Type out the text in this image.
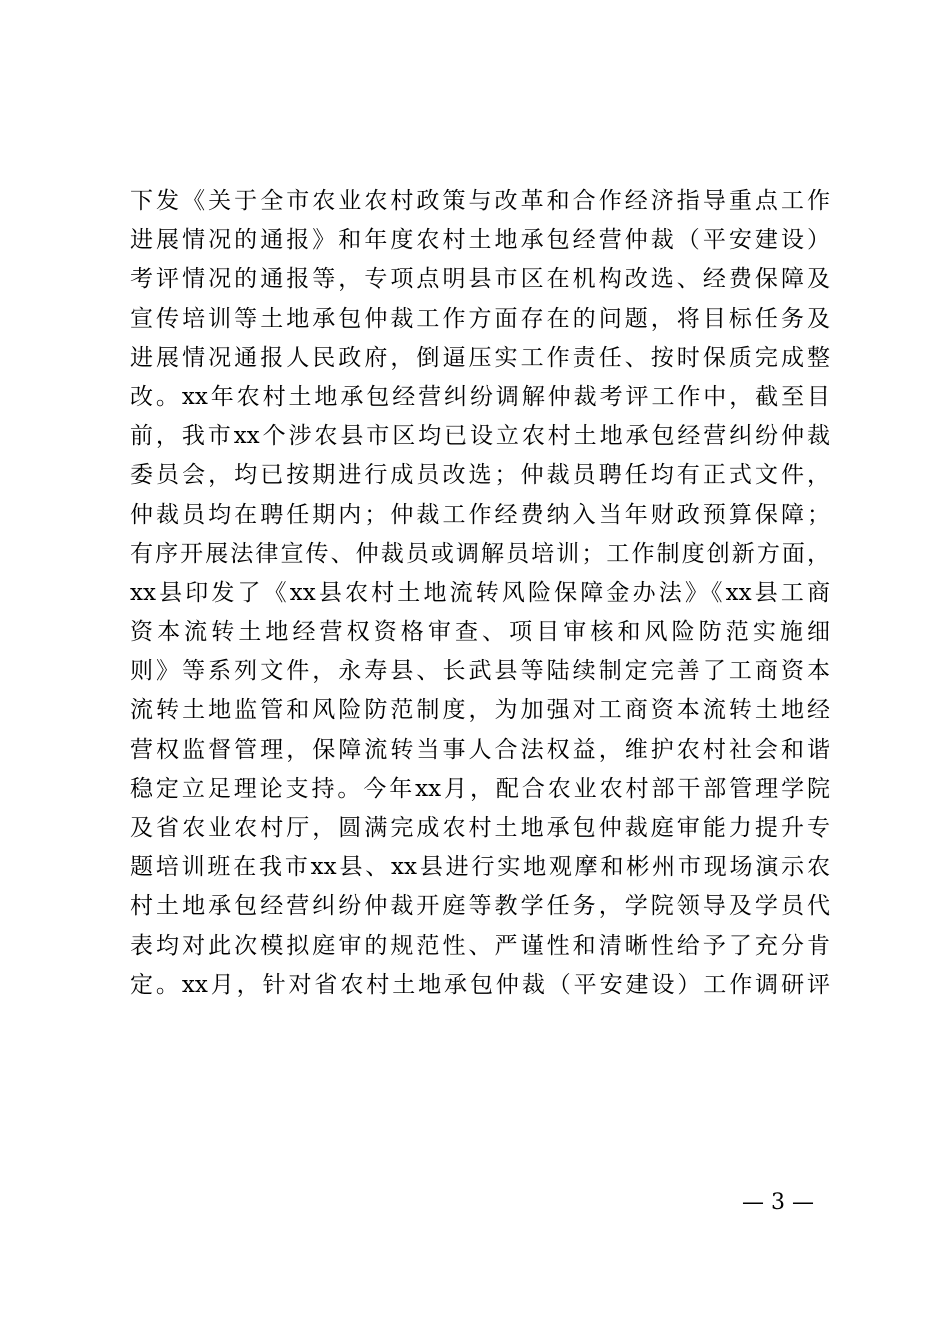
下发《关于全市农业农村政策与改革和合作经济指导重点工作
进展情况的通报》和年度农村土地承包经营仲裁（平安建设）
考评情况的通报等，专项点明县市区在机构改选、经费保障及
宣传培训等土地承包仲裁工作方面存在的问题，将目标任务及
进展情况通报人民政府，倒逼压实工作责任、按时保质完成整
改。xx年农村土地承包经营纠纷调解仲裁考评工作中，截至目
前，我市xx个涉农县市区均已设立农村土地承包经营纠纷仲裁
委员会，均已按期进行成员改选；仲裁员聘任均有正式文件，
仲裁员均在聘任期内；仲裁工作经费纳入当年财政预算保障；
有序开展法律宣传、仲裁员或调解员培训；工作制度创新方面，
xx县印发了《xx县农村土地流转风险保障金办法》《xx县工商
资本流转土地经营权资格审查、项目审核和风险防范实施细
则》等系列文件，永寿县、长武县等陆续制定完善了工商资本
流转土地监管和风险防范制度，为加强对工商资本流转土地经
营权监督管理，保障流转当事人合法权益，维护农村社会和谐
稳定立足理论支持。今年xx月，配合农业农村部干部管理学院
及省农业农村厅，圆满完成农村土地承包仲裁庭审能力提升专
题培训班在我市xx县、xx县进行实地观摩和彬州市现场演示农
村土地承包经营纠纷仲裁开庭等教学任务，学院领导及学员代
表均对此次模拟庭审的规范性、严谨性和清晰性给予了充分肯
定。xx月，针对省农村土地承包仲裁（平安建设）工作调研评
— 3 —
